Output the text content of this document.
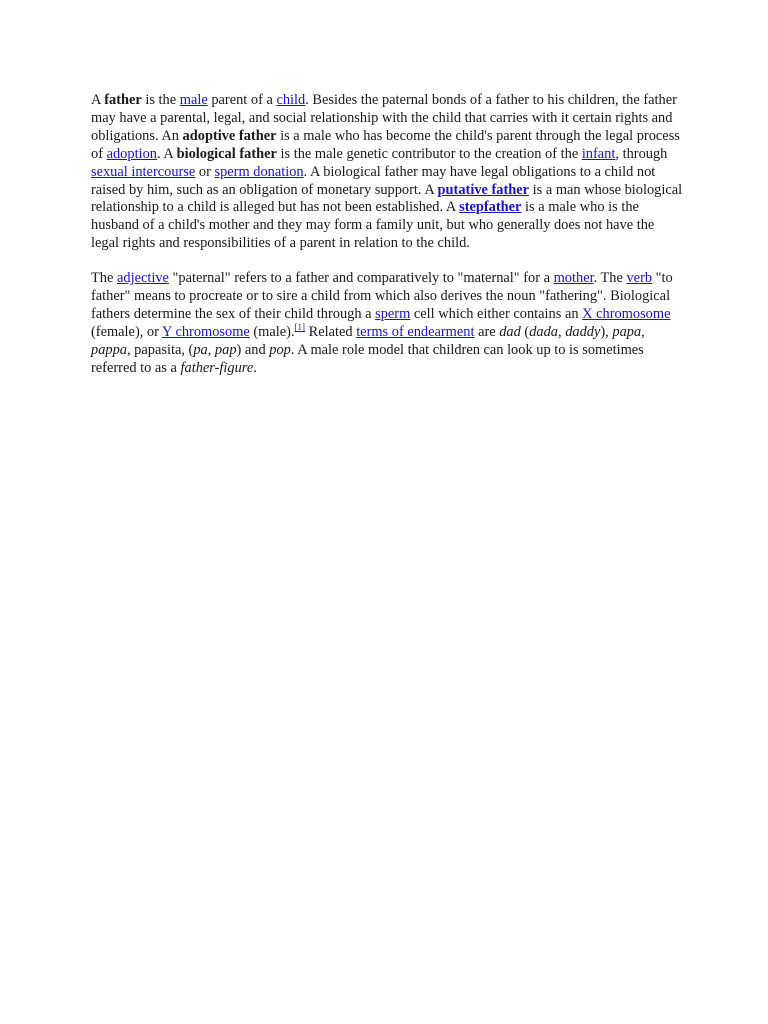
A father is the male parent of a child. Besides the paternal bonds of a father to his children, the father may have a parental, legal, and social relationship with the child that carries with it certain rights and obligations. An adoptive father is a male who has become the child's parent through the legal process of adoption. A biological father is the male genetic contributor to the creation of the infant, through sexual intercourse or sperm donation. A biological father may have legal obligations to a child not raised by him, such as an obligation of monetary support. A putative father is a man whose biological relationship to a child is alleged but has not been established. A stepfather is a male who is the husband of a child's mother and they may form a family unit, but who generally does not have the legal rights and responsibilities of a parent in relation to the child.

The adjective "paternal" refers to a father and comparatively to "maternal" for a mother. The verb "to father" means to procreate or to sire a child from which also derives the noun "fathering". Biological fathers determine the sex of their child through a sperm cell which either contains an X chromosome (female), or Y chromosome (male).[1] Related terms of endearment are dad (dada, daddy), papa, pappa, papasita, (pa, pap) and pop. A male role model that children can look up to is sometimes referred to as a father-figure.
